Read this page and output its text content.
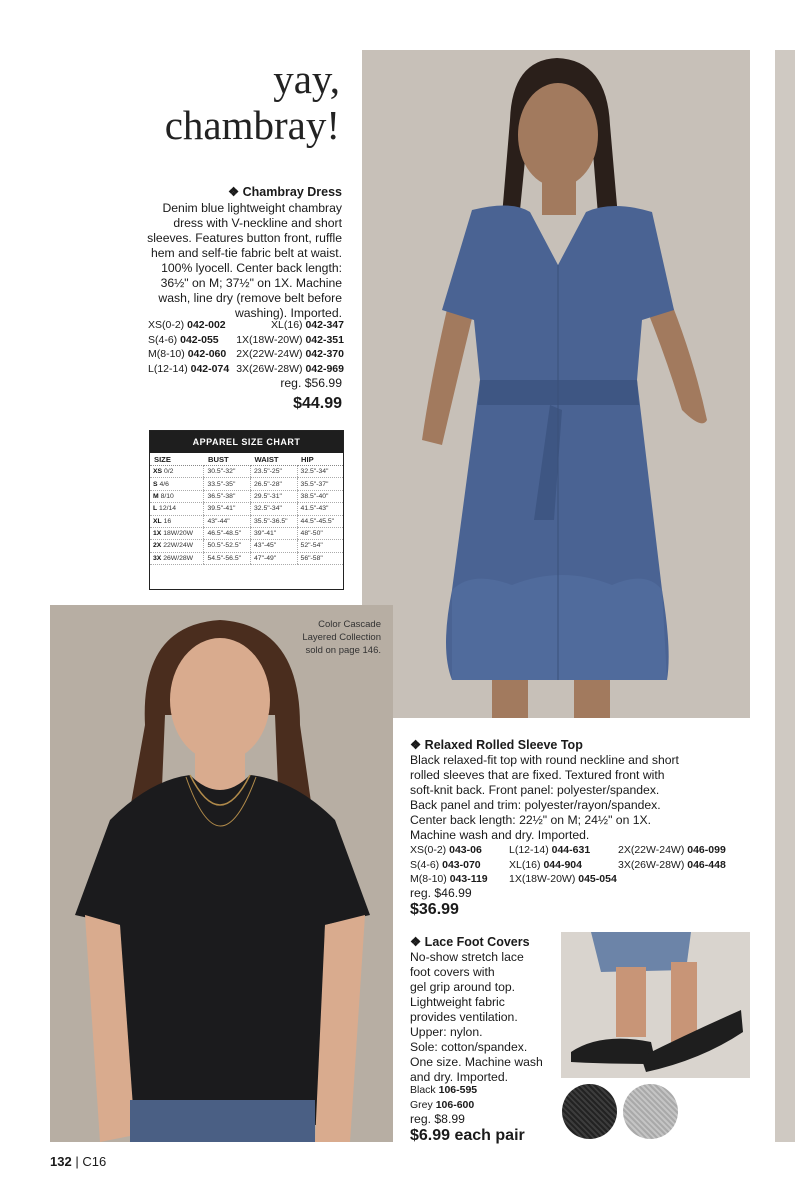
yay,
chambray!
❖ Chambray Dress
Denim blue lightweight chambray
dress with V-neckline and short
sleeves. Features button front, ruffle
hem and self-tie fabric belt at waist.
100% lyocell. Center back length:
36½" on M; 37½" on 1X. Machine
wash, line dry (remove belt before
washing). Imported.
XS(0-2) 042-002	XL(16) 042-347
S(4-6) 042-055 1X(18W-20W) 042-351
M(8-10) 042-060 2X(22W-24W) 042-370
L(12-14) 042-074 3X(26W-28W) 042-969
reg. $56.99
$44.99
APPAREL SIZE CHART
SIZE	BUST	WAIST	HIP
XS 0/2	30.5"-32"	23.5"-25"	32.5"-34"
S 4/6	33.5"-35"	26.5"-28"	35.5"-37"
M 8/10	36.5"-38"	29.5"-31"	38.5"-40"
L 12/14	39.5"-41"	32.5"-34"	41.5"-43"
XL 16	43"-44"	35.5"-36.5"	44.5"-45.5"
1X 18W/20W	46.5"-48.5"	39"-41"	48"-50"
2X 22W/24W	50.5"-52.5"	43"-45"	52"-54"
3X 26W/28W	54.5"-56.5"	47"-49"	56"-58"
Color Cascade
Layered Collection
sold on page 146.
❖ Relaxed Rolled Sleeve Top
Black relaxed-fit top with round neckline and short
rolled sleeves that are fixed. Textured front with
soft-knit back. Front panel: polyester/spandex.
Back panel and trim: polyester/rayon/spandex.
Center back length: 22½" on M; 24½" on 1X.
Machine wash and dry. Imported.
XS(0-2) 043-06	L(12-14) 044-631	2X(22W-24W) 046-099
S(4-6) 043-070	XL(16) 044-904	3X(26W-28W) 046-448
M(8-10) 043-119	1X(18W-20W) 045-054
reg. $46.99
$36.99
❖ Lace Foot Covers
No-show stretch lace
foot covers with
gel grip around top.
Lightweight fabric
provides ventilation.
Upper: nylon.
Sole: cotton/spandex.
One size. Machine wash
and dry. Imported.
Black 106-595
Grey 106-600
reg. $8.99
$6.99 each pair
132 | C16
